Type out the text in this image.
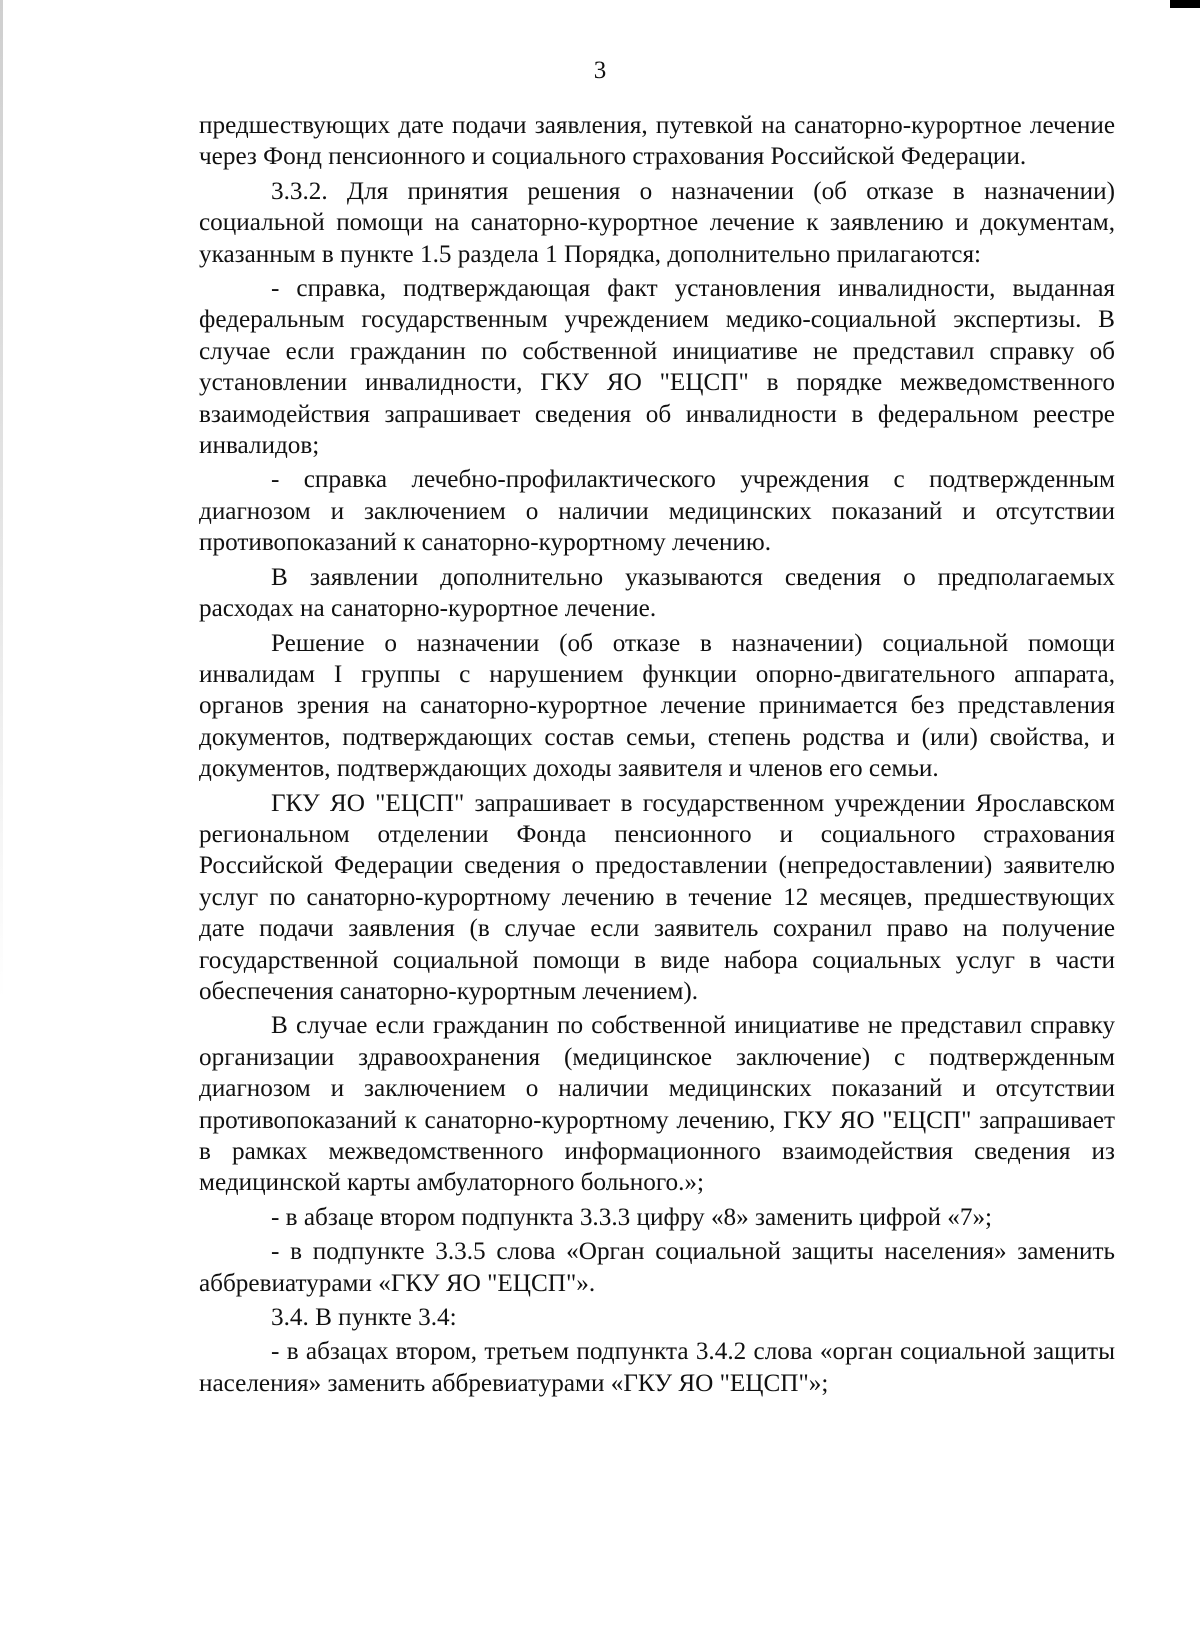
3

предшествующих дате подачи заявления, путевкой на санаторно-курортное лечение через Фонд пенсионного и социального страхования Российской Федерации.

3.3.2. Для принятия решения о назначении (об отказе в назначении) социальной помощи на санаторно-курортное лечение к заявлению и документам, указанным в пункте 1.5 раздела 1 Порядка, дополнительно прилагаются:

- справка, подтверждающая факт установления инвалидности, выданная федеральным государственным учреждением медико-социальной экспертизы. В случае если гражданин по собственной инициативе не представил справку об установлении инвалидности, ГКУ ЯО "ЕЦСП" в порядке межведомственного взаимодействия запрашивает сведения об инвалидности в федеральном реестре инвалидов;

- справка лечебно-профилактического учреждения с подтвержденным диагнозом и заключением о наличии медицинских показаний и отсутствии противопоказаний к санаторно-курортному лечению.

В заявлении дополнительно указываются сведения о предполагаемых расходах на санаторно-курортное лечение.

Решение о назначении (об отказе в назначении) социальной помощи инвалидам I группы с нарушением функции опорно-двигательного аппарата, органов зрения на санаторно-курортное лечение принимается без представления документов, подтверждающих состав семьи, степень родства и (или) свойства, и документов, подтверждающих доходы заявителя и членов его семьи.

ГКУ ЯО "ЕЦСП" запрашивает в государственном учреждении Ярославском региональном отделении Фонда пенсионного и социального страхования Российской Федерации сведения о предоставлении (непредоставлении) заявителю услуг по санаторно-курортному лечению в течение 12 месяцев, предшествующих дате подачи заявления (в случае если заявитель сохранил право на получение государственной социальной помощи в виде набора социальных услуг в части обеспечения санаторно-курортным лечением).

В случае если гражданин по собственной инициативе не представил справку организации здравоохранения (медицинское заключение) с подтвержденным диагнозом и заключением о наличии медицинских показаний и отсутствии противопоказаний к санаторно-курортному лечению, ГКУ ЯО "ЕЦСП" запрашивает в рамках межведомственного информационного взаимодействия сведения из медицинской карты амбулаторного больного.»;

- в абзаце втором подпункта 3.3.3 цифру «8» заменить цифрой «7»;

- в подпункте 3.3.5 слова «Орган социальной защиты населения» заменить аббревиатурами «ГКУ ЯО "ЕЦСП"».

3.4. В пункте 3.4:

- в абзацах втором, третьем подпункта 3.4.2 слова «орган социальной защиты населения» заменить аббревиатурами «ГКУ ЯО "ЕЦСП"»;
